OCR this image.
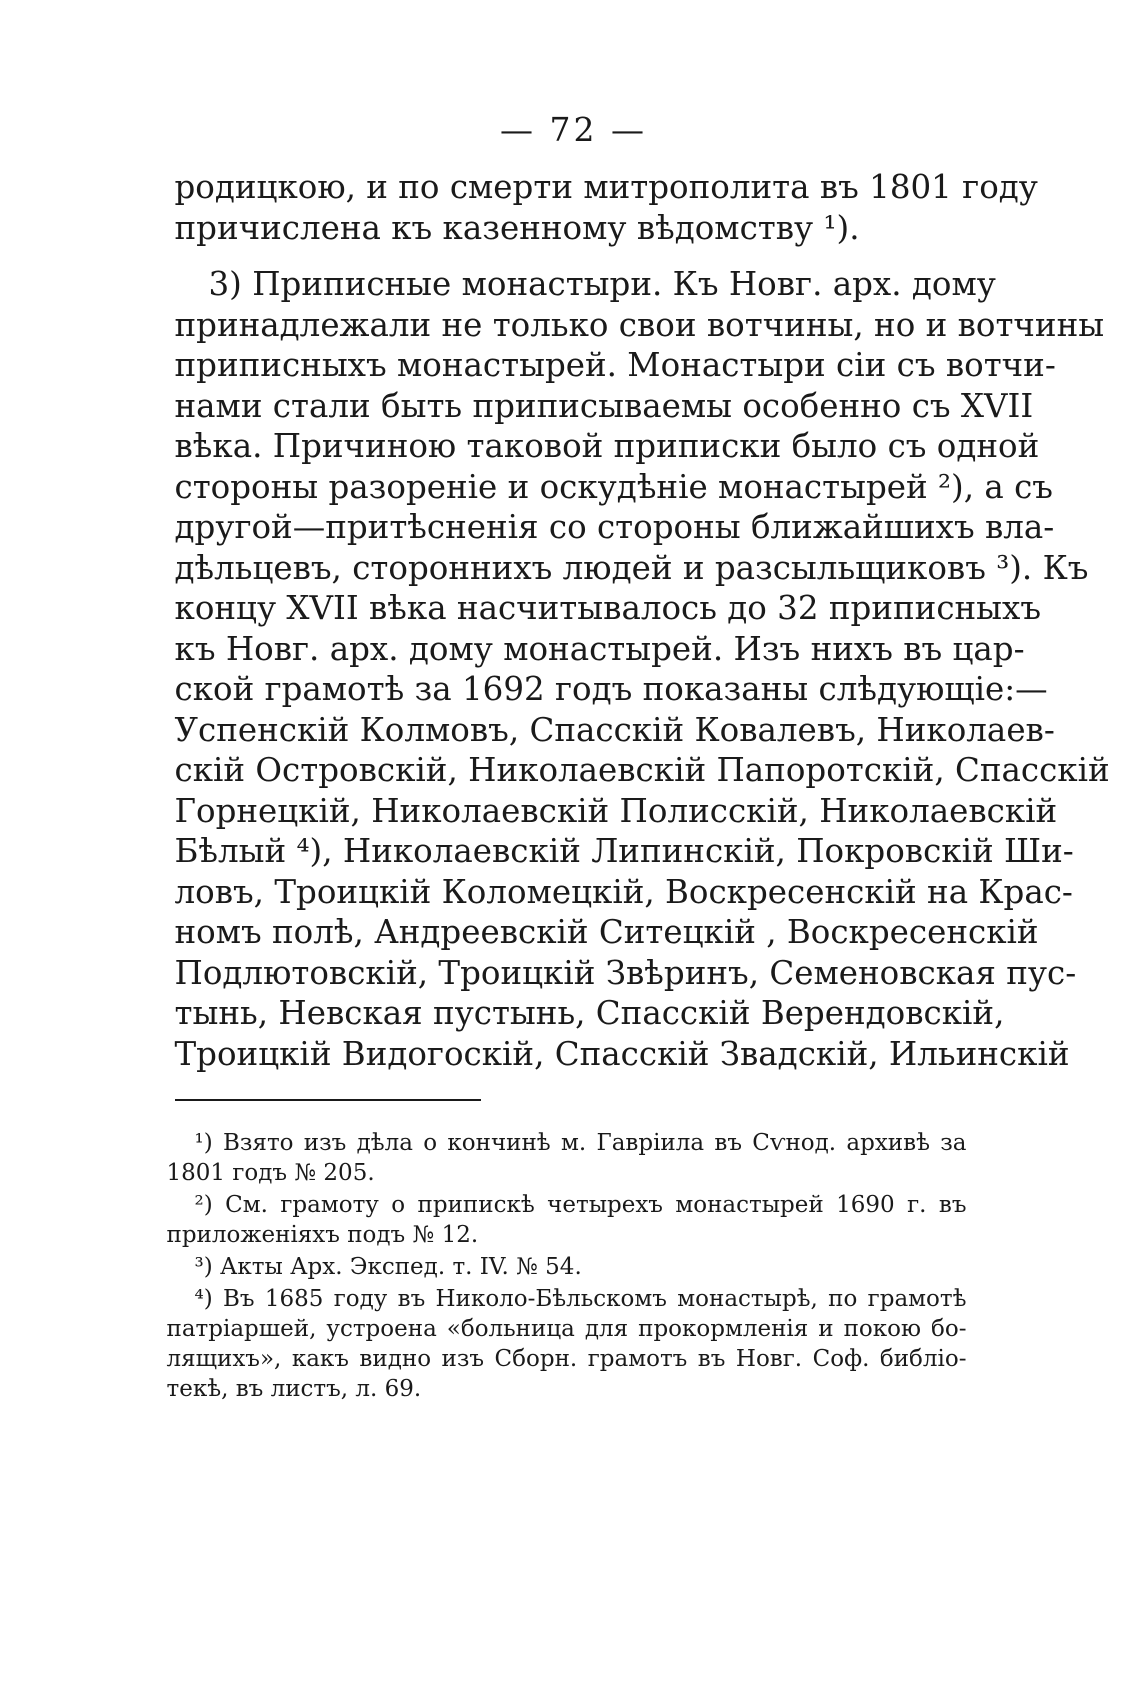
— 72 —
родицкою, и по смерти митрополита въ 1801 году
причислена къ казенному вѣдомству ¹).
3) Приписные монастыри. Къ Новг. арх. дому
принадлежали не только свои вотчины, но и вотчины
приписныхъ монастырей. Монастыри сіи съ вотчи-
нами стали быть приписываемы особенно съ XVII
вѣка. Причиною таковой приписки было съ одной
стороны разореніе и оскудѣніе монастырей ²), а съ
другой—притѣсненія со стороны ближайшихъ вла-
дѣльцевъ, стороннихъ людей и разсыльщиковъ ³). Къ
концу XVII вѣка насчитывалось до 32 приписныхъ
къ Новг. арх. дому монастырей. Изъ нихъ въ цар-
ской грамотѣ за 1692 годъ показаны слѣдующіе:—
Успенскій Колмовъ, Спасскій Ковалевъ, Николаев-
скій Островскій, Николаевскій Папоротскій, Спасскій
Горнецкій, Николаевскій Полисскій, Николаевскій
Бѣлый ⁴), Николаевскій Липинскій, Покровскій Ши-
ловъ, Троицкій Коломецкій, Воскресенскій на Крас-
номъ полѣ, Андреевскій Ситецкій , Воскресенскій
Подлютовскій, Троицкій Звѣринъ, Семеновская пус-
тынь, Невская пустынь, Спасскій Верендовскій,
Троицкій Видогоскій, Спасскій Звадскій, Ильинскій
¹) Взято изъ дѣла о кончинѣ м. Гавріила въ Сѵнод. архивѣ за
1801 годъ № 205.
²) См. грамоту о припискѣ четырехъ монастырей 1690 г. въ
приложеніяхъ подъ № 12.
³) Акты Арх. Экспед. т. IV. № 54.
⁴) Въ 1685 году въ Николо-Бѣльскомъ монастырѣ, по грамотѣ
патріаршей, устроена «больница для прокормленія и покою бо-
лящихъ», какъ видно изъ Сборн. грамотъ въ Новг. Соф. библіо-
текѣ, въ листъ, л. 69.
